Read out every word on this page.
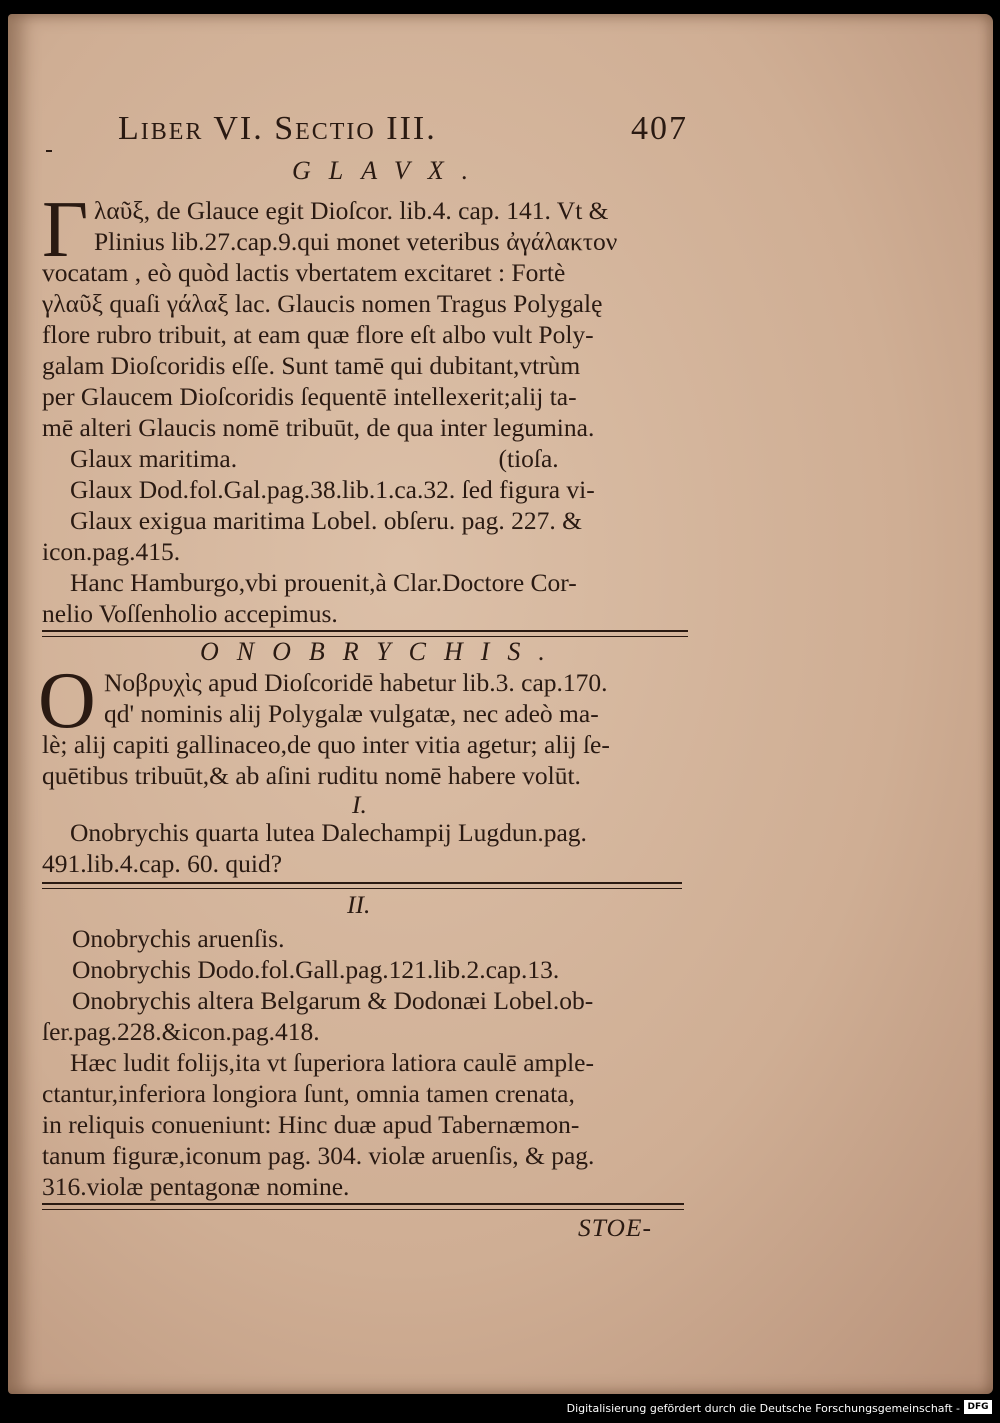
Liber VI. Sectio III.	407
GLAVX.
Γ λαῦξ, de Glauce egit Dioſcor. lib.4. cap. 141. Vt &
Plinius lib.27.cap.9.qui monet veteribus ἀγάλακτον
vocatam , eò quòd lactis vbertatem excitaret : Fortè
γλαῦξ quaſi γάλαξ lac. Glaucis nomen Tragus Polygalę
flore rubro tribuit, at eam quæ flore eſt albo vult Poly-
galam Dioſcoridis eſſe. Sunt tamē qui dubitant,vtrùm
per Glaucem Dioſcoridis ſequentē intellexerit;alij ta-
mē alteri Glaucis nomē tribuūt, de qua inter legumina.
Glaux maritima.                                         (tioſa.
Glaux Dod.fol.Gal.pag.38.lib.1.ca.32. ſed figura vi-
Glaux exigua maritima Lobel. obſeru. pag. 227. &
icon.pag.415.
Hanc Hamburgo,vbi prouenit,à Clar.Doctore Cor-
nelio Voſſenholio accepimus.
ONOBRYCHIS.
O Νοβρυχὶς apud Dioſcoridē habetur lib.3. cap.170.
qd' nominis alij Polygalæ vulgatæ, nec adeò ma-
lè; alij capiti gallinaceo,de quo inter vitia agetur; alij ſe-
quētibus tribuūt,& ab aſini ruditu nomē habere volūt.
I.
Onobrychis quarta lutea Dalechampij Lugdun.pag.
491.lib.4.cap. 60. quid?
II.
Onobrychis aruenſis.
Onobrychis Dodo.fol.Gall.pag.121.lib.2.cap.13.
Onobrychis altera Belgarum & Dodonæi Lobel.ob-
ſer.pag.228.&icon.pag.418.
Hæc ludit folijs,ita vt ſuperiora latiora caulē ample-
ctantur,inferiora longiora ſunt, omnia tamen crenata,
in reliquis conueniunt: Hinc duæ apud Tabernæmon-
tanum figuræ,iconum pag. 304. violæ aruenſis, & pag.
316.violæ pentagonæ nomine.
STOE-
Digitalisierung gefördert durch die Deutsche Forschungsgemeinschaft - DFG
